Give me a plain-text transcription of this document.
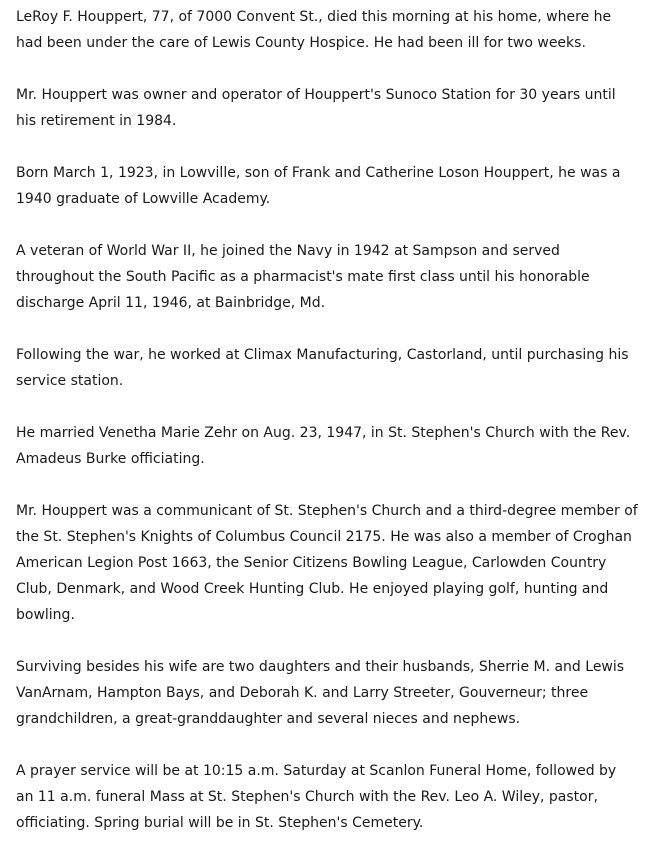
LeRoy F. Houppert, 77, of 7000 Convent St., died this morning at his home, where he had been under the care of Lewis County Hospice. He had been ill for two weeks.

Mr. Houppert was owner and operator of Houppert's Sunoco Station for 30 years until his retirement in 1984.

Born March 1, 1923, in Lowville, son of Frank and Catherine Loson Houppert, he was a 1940 graduate of Lowville Academy.

A veteran of World War II, he joined the Navy in 1942 at Sampson and served throughout the South Pacific as a pharmacist's mate first class until his honorable discharge April 11, 1946, at Bainbridge, Md.

Following the war, he worked at Climax Manufacturing, Castorland, until purchasing his service station.

He married Venetha Marie Zehr on Aug. 23, 1947, in St. Stephen's Church with the Rev. Amadeus Burke officiating.

Mr. Houppert was a communicant of St. Stephen's Church and a third-degree member of the St. Stephen's Knights of Columbus Council 2175. He was also a member of Croghan American Legion Post 1663, the Senior Citizens Bowling League, Carlowden Country Club, Denmark, and Wood Creek Hunting Club. He enjoyed playing golf, hunting and bowling.

Surviving besides his wife are two daughters and their husbands, Sherrie M. and Lewis VanArnam, Hampton Bays, and Deborah K. and Larry Streeter, Gouverneur; three grandchildren, a great-granddaughter and several nieces and nephews.

A prayer service will be at 10:15 a.m. Saturday at Scanlon Funeral Home, followed by an 11 a.m. funeral Mass at St. Stephen's Church with the Rev. Leo A. Wiley, pastor, officiating. Spring burial will be in St. Stephen's Cemetery.
